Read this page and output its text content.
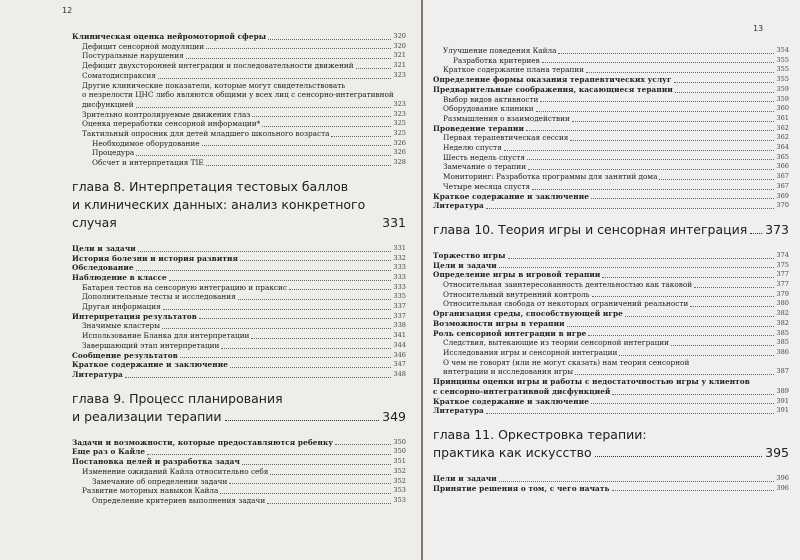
12
Клиническая оценка нейромоторной сферы	320
Дефицит сенсорной модуляции	320
Постуральные нарушения	321
Дефицит двухсторонней интеграции и последовательности движений	321
Соматодиспраксия	323
Другие клинические показатели, которые могут свидетельствовать
о незрелости ЦНС либо являются общими у всех лиц с сенсорно-интегративной
дисфункцией	323
Зрительно контролируемые движения глаз	323
Оценка переработки сенсорной информации*	325
Тактильный опросник для детей младшего школьного возраста	325
Необходимое оборудование	326
Процедура	326
Обсчет и интерпретация TIE	328
глава 8. Интерпретация тестовых баллов
и клинических данных: анализ конкретного случая	331
Цели и задачи	331
История болезни и история развития	332
Обследование	333
Наблюдение в классе	333
Батарея тестов на сенсорную интеграцию и праксис	333
Дополнительные тесты и исследования	335
Другая информация	337
Интерпретация результатов	337
Значимые кластеры	338
Использование Бланка для интерпретации	341
Завершающий этап интерпретации	344
Сообщение результатов	346
Краткое содержание и заключение	347
Литература	348
глава 9. Процесс планирования
и реализации терапии	349
Задачи и возможности, которые предоставляются ребенку	350
Еще раз о Кайле	350
Постановка целей и разработка задач	351
Изменение ожиданий Кайла относительно себя	352
Замечание об определении задачи	352
Развитие моторных навыков Кайла	353
Определение критериев выполнения задачи	353
13
Улучшение поведения Кайла	354
Разработка критериев	355
Краткое содержание плана терапии	355
Определение формы оказания терапевтических услуг	355
Предварительные соображения, касающиеся терапии	359
Выбор видов активности	359
Оборудование клиники	360
Размышления о взаимодействии	361
Проведение терапии	362
Первая терапевтическая сессия	362
Неделю спустя	364
Шесть недель спустя	365
Замечание о терапии	366
Мониторинг: Разработка программы для занятий дома	367
Четыре месяца спустя	367
Краткое содержание и заключение	369
Литература	370
глава 10.
Теория игры и сенсорная интеграция 373
Торжество игры	374
Цели и задачи	375
Определение игры в игровой терапии	377
Относительная заинтересованность деятельностью как таковой	377
Относительный внутренний контроль	379
Относительная свобода от некоторых ограничений реальности	380
Организация среды, способствующей игре	382
Возможности игры в терапии	382
Роль сенсорной интеграции в игре	385
Следствия, вытекающие из теории сенсорной интеграции	385
Исследования игры и сенсорной интеграции	386
О чем не говорят (или не могут сказать) нам теория сенсорной
интеграции и исследования игры	387
Принципы оценки игры и работы с недостаточностью игры у клиентов
с сенсорно-интегративной дисфункцией	389
Краткое содержание и заключение	391
Литература	391
глава 11. Оркестровка терапии:
практика как искусство	395
Цели и задачи	396
Принятие решения о том, с чего начать	396
